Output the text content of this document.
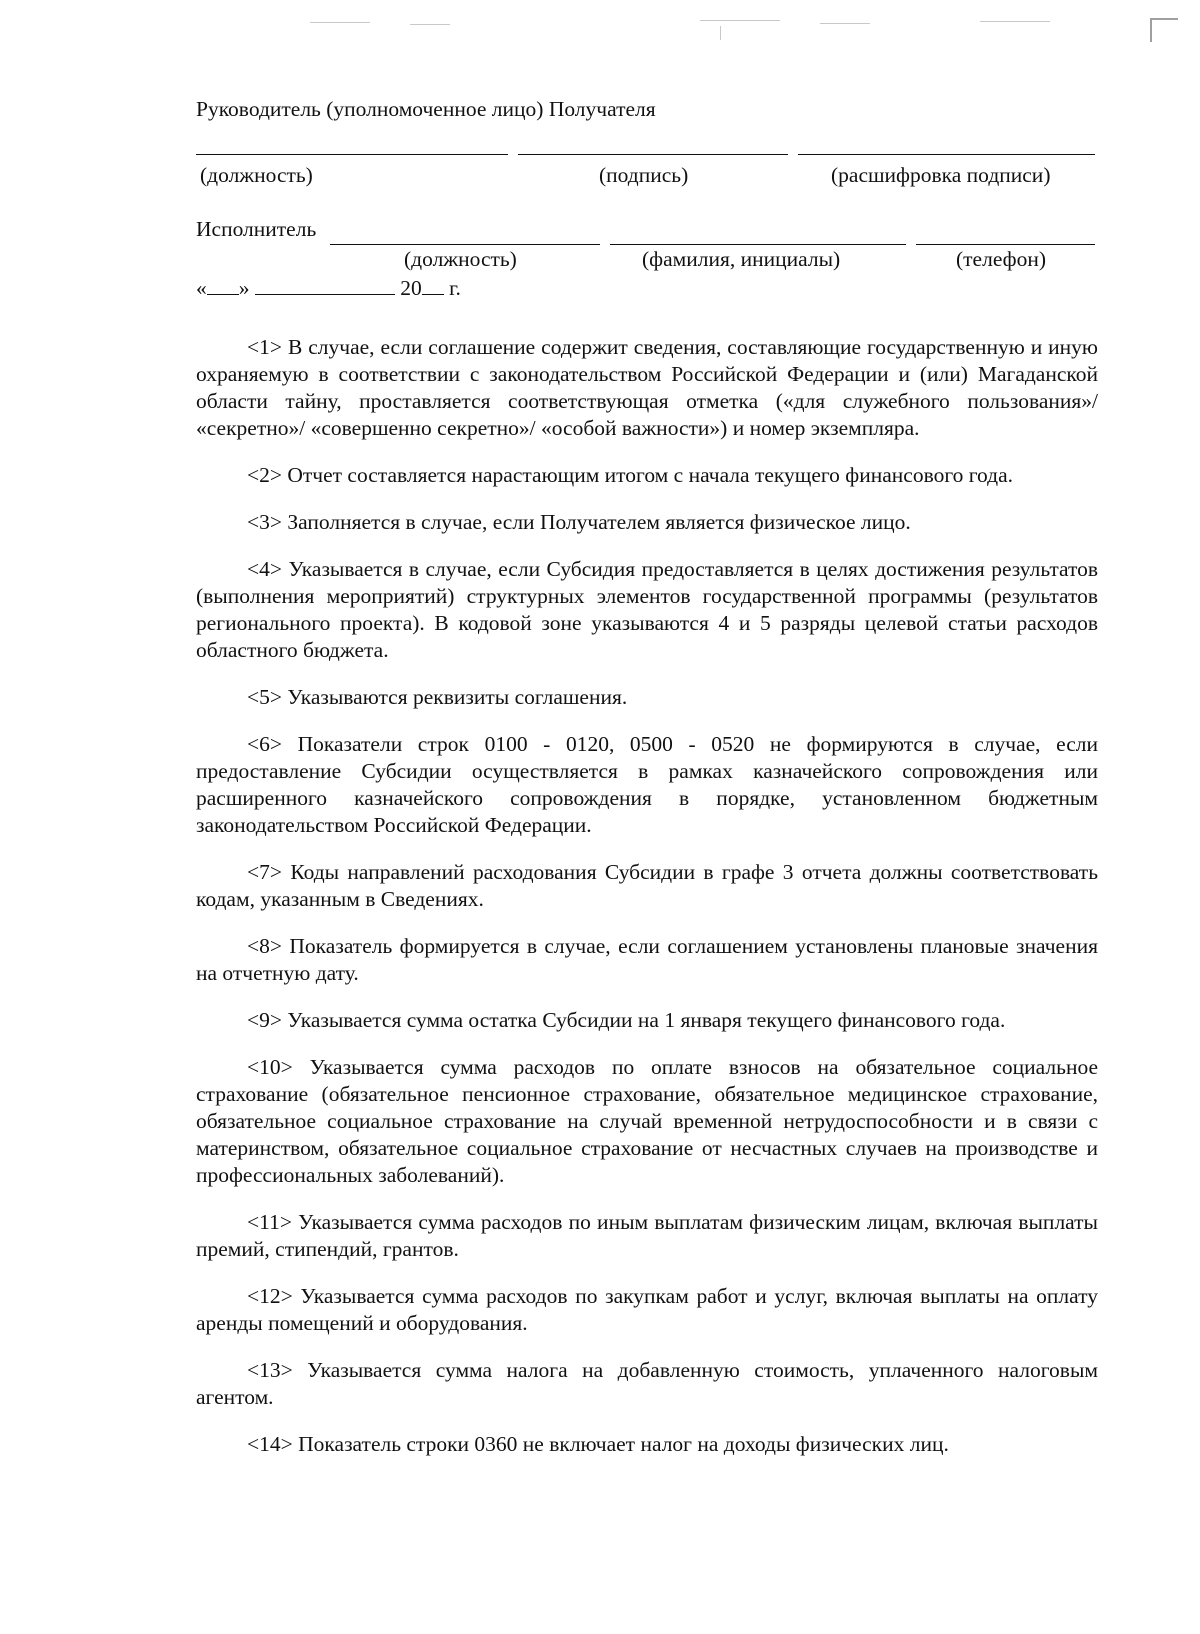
Руководитель (уполномоченное лицо) Получателя

(должность)	(подпись)	(расшифровка подписи)
Исполнитель
(должность)	(фамилия, инициалы)	(телефон)
« »	20 г.

<1> В случае, если соглашение содержит сведения, составляющие государственную и иную охраняемую в соответствии с законодательством Российской Федерации и (или) Магаданской области тайну, проставляется соответствующая отметка («для служебного пользования»/ «секретно»/ «совершенно секретно»/ «особой важности») и номер экземпляра.

<2> Отчет составляется нарастающим итогом с начала текущего финансового года.

<3> Заполняется в случае, если Получателем является физическое лицо.

<4> Указывается в случае, если Субсидия предоставляется в целях достижения результатов (выполнения мероприятий) структурных элементов государственной программы (результатов регионального проекта). В кодовой зоне указываются 4 и 5 разряды целевой статьи расходов областного бюджета.

<5> Указываются реквизиты соглашения.

<6> Показатели строк 0100 - 0120, 0500 - 0520 не формируются в случае, если предоставление Субсидии осуществляется в рамках казначейского сопровождения или расширенного казначейского сопровождения в порядке, установленном бюджетным законодательством Российской Федерации.

<7> Коды направлений расходования Субсидии в графе 3 отчета должны соответствовать кодам, указанным в Сведениях.

<8> Показатель формируется в случае, если соглашением установлены плановые значения на отчетную дату.

<9> Указывается сумма остатка Субсидии на 1 января текущего финансового года.

<10> Указывается сумма расходов по оплате взносов на обязательное социальное страхование (обязательное пенсионное страхование, обязательное медицинское страхование, обязательное социальное страхование на случай временной нетрудоспособности и в связи с материнством, обязательное социальное страхование от несчастных случаев на производстве и профессиональных заболеваний).

<11> Указывается сумма расходов по иным выплатам физическим лицам, включая выплаты премий, стипендий, грантов.

<12> Указывается сумма расходов по закупкам работ и услуг, включая выплаты на оплату аренды помещений и оборудования.

<13> Указывается сумма налога на добавленную стоимость, уплаченного налоговым агентом.

<14> Показатель строки 0360 не включает налог на доходы физических лиц.
